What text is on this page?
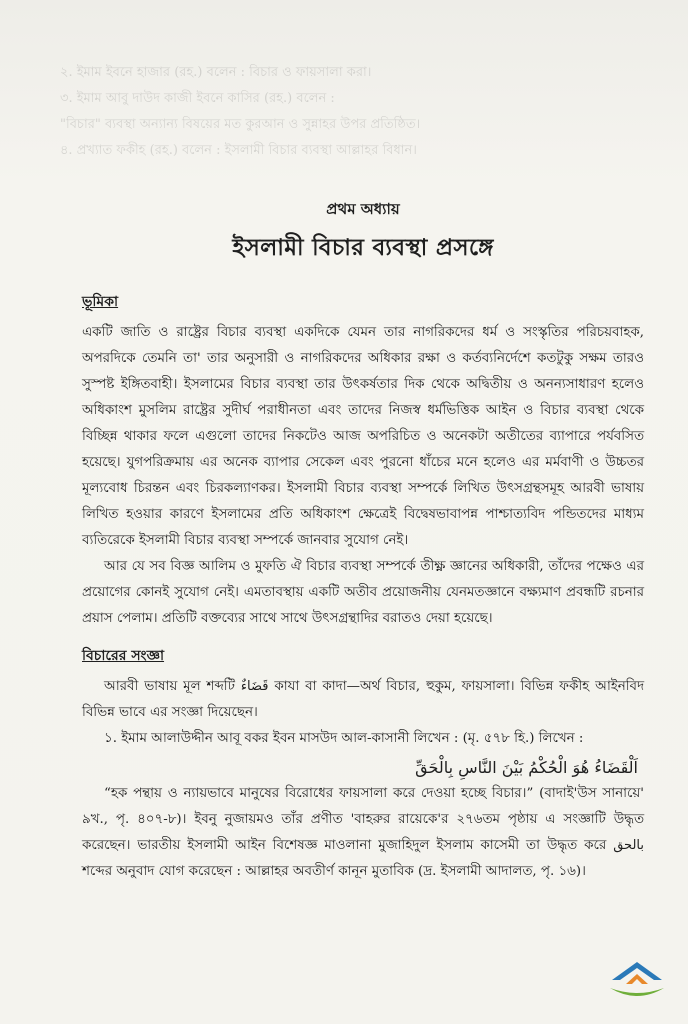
২. ইমাম ইবনে হাজার (রহ.) বলেন : বিচার ও ফায়সালা করা।
৩. ইমাম আবু দাউদ কাজী ইবনে কাসির (রহ.) বলেন :
"বিচার" ব্যবস্থা অন্যান্য বিষয়ের মত কুরআন ও সুন্নাহর উপর প্রতিষ্ঠিত।
৪. প্রখ্যাত ফকীহ (রহ.) বলেন : ইসলামী বিচার ব্যবস্থা আল্লাহর বিধান।
প্রথম অধ্যায়
ইসলামী বিচার ব্যবস্থা প্রসঙ্গে
ভূমিকা

একটি জাতি ও রাষ্ট্রের বিচার ব্যবস্থা একদিকে যেমন তার নাগরিকদের ধর্ম ও সংস্কৃতির পরিচয়বাহক, অপরদিকে তেমনি তা' তার অনুসারী ও নাগরিকদের অধিকার রক্ষা ও কর্তব্যনির্দেশে কতটুকু সক্ষম তারও সুস্পষ্ট ইঙ্গিতবাহী। ইসলামের বিচার ব্যবস্থা তার উৎকর্ষতার দিক থেকে অদ্বিতীয় ও অনন্যসাধারণ হলেও অধিকাংশ মুসলিম রাষ্ট্রের সুদীর্ঘ পরাধীনতা এবং তাদের নিজস্ব ধর্মভিত্তিক আইন ও বিচার ব্যবস্থা থেকে বিচ্ছিন্ন থাকার ফলে এগুলো তাদের নিকটেও আজ অপরিচিত ও অনেকটা অতীতের ব্যাপারে পর্যবসিত হয়েছে। যুগপরিক্রমায় এর অনেক ব্যাপার সেকেল এবং পুরনো ধাঁচের মনে হলেও এর মর্মবাণী ও উচ্চতর মূল্যবোধ চিরন্তন এবং চিরকল্যাণকর। ইসলামী বিচার ব্যবস্থা সম্পর্কে লিখিত উৎসগ্রন্থসমূহ আরবী ভাষায় লিখিত হওয়ার কারণে ইসলামের প্রতি অধিকাংশ ক্ষেত্রেই বিদ্বেষভাবাপন্ন পাশ্চাত্যবিদ পন্ডিতদের মাধ্যম ব্যতিরেকে ইসলামী বিচার ব্যবস্থা সম্পর্কে জানবার সুযোগ নেই।

আর যে সব বিজ্ঞ আলিম ও মুফতি ঐ বিচার ব্যবস্থা সম্পর্কে তীক্ষ্ণ জ্ঞানের অধিকারী, তাঁদের পক্ষেও এর প্রয়োগের কোনই সুযোগ নেই। এমতাবস্থায় একটি অতীব প্রয়োজনীয় যেনমতজ্ঞানে বক্ষ্যমাণ প্রবন্ধটি রচনার প্রয়াস পেলাম। প্রতিটি বক্তব্যের সাথে সাথে উৎসগ্রন্থাদির বরাতও দেয়া হয়েছে।

বিচারের সংজ্ঞা

আরবী ভাষায় মূল শব্দটি قَضَاءٌ কাযা বা কাদা—অর্থ বিচার, হুকুম, ফায়সালা। বিভিন্ন ফকীহ আইনবিদ বিভিন্ন ভাবে এর সংজ্ঞা দিয়েছেন।

১. ইমাম আলাউদ্দীন আবূ বকর ইবন মাসউদ আল-কাসানী লিখেন : (মৃ. ৫৭৮ হি.) লিখেন :

اَلْقَضَاءُ هُوَ الْحُكْمُ بَيْنَ النَّاسِ بِالْحَقِّ

“হক পন্থায় ও ন্যায়ভাবে মানুষের বিরোধের ফায়সালা করে দেওয়া হচ্ছে বিচার।” (বাদাই'উস সানায়ে' ৯খ., পৃ. ৪০৭-৮)। ইবনু নুজায়মও তাঁর প্রণীত 'বাহরুর রায়েকে'র ২৭৬তম পৃষ্ঠায় এ সংজ্ঞাটি উদ্ধৃত করেছেন। ভারতীয় ইসলামী আইন বিশেষজ্ঞ মাওলানা মুজাহিদুল ইসলাম কাসেমী তা উদ্ধৃত করে بالحق শব্দের অনুবাদ যোগ করেছেন : আল্লাহর অবতীর্ণ কানূন মুতাবিক (দ্র. ইসলামী আদালত, পৃ. ১৬)।
